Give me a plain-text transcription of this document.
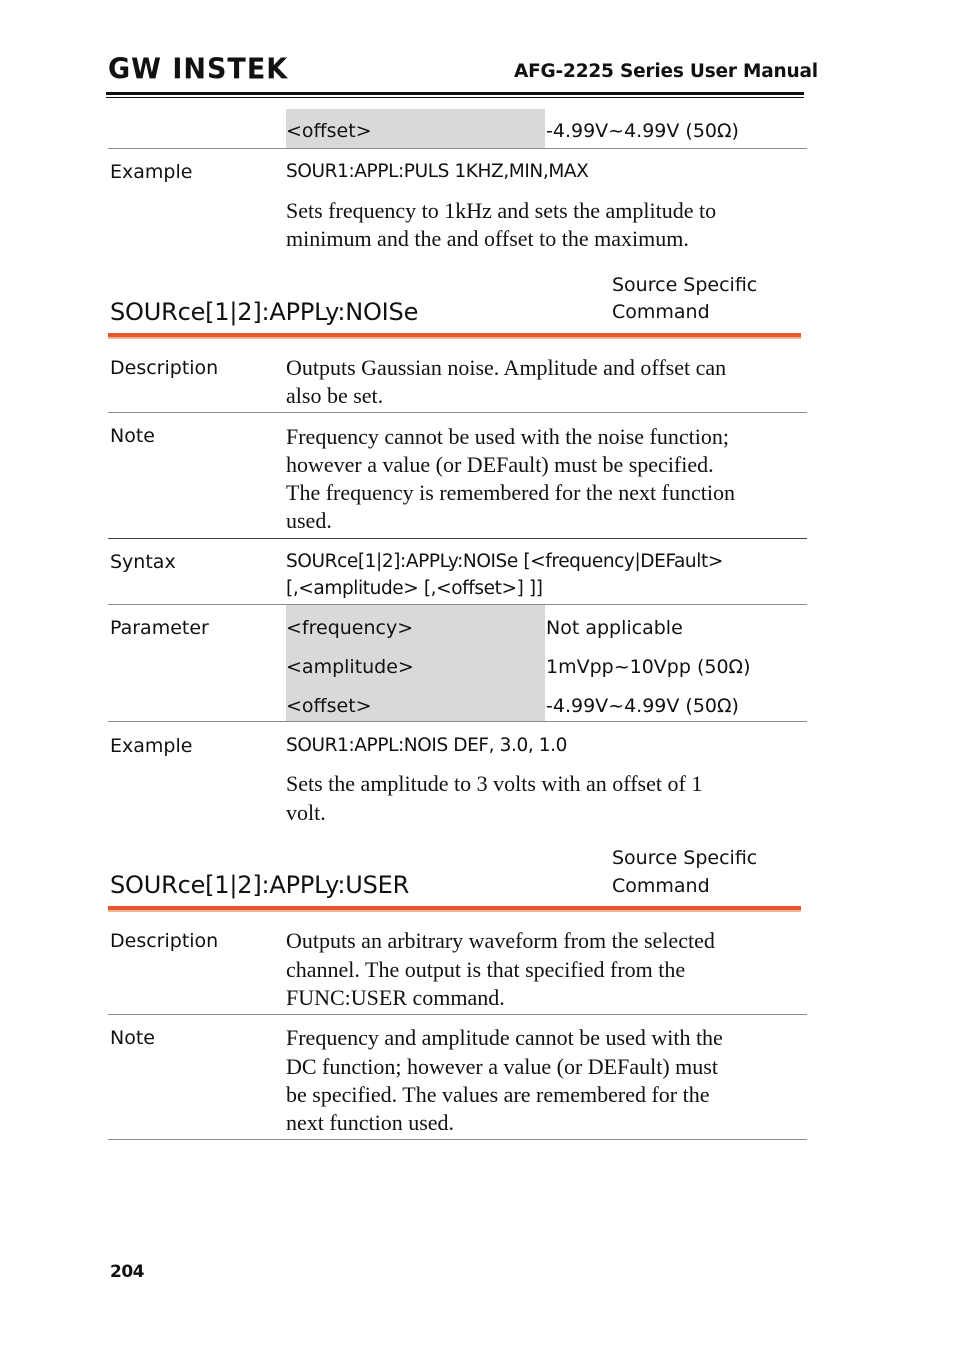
GW INSTEK	AFG-2225 Series User Manual
<offset>	-4.99V~4.99V (50Ω)
Example	SOUR1:APPL:PULS 1KHZ,MIN,MAX
Sets frequency to 1kHz and sets the amplitude to
minimum and the and offset to the maximum.
SOURce[1|2]:APPLy:NOISe
Source Specific
Command
Description	Outputs Gaussian noise. Amplitude and offset can
also be set.
Note	Frequency cannot be used with the noise function;
however a value (or DEFault) must be specified.
The frequency is remembered for the next function
used.
Syntax	SOURce[1|2]:APPLy:NOISe [<frequency|DEFault>
[,<amplitude> [,<offset>] ]]
Parameter	<frequency>	Not applicable
<amplitude>	1mVpp~10Vpp (50Ω)
<offset>	-4.99V~4.99V (50Ω)
Example	SOUR1:APPL:NOIS DEF, 3.0, 1.0
Sets the amplitude to 3 volts with an offset of 1
volt.
SOURce[1|2]:APPLy:USER
Source Specific
Command
Description	Outputs an arbitrary waveform from the selected
channel. The output is that specified from the
FUNC:USER command.
Note	Frequency and amplitude cannot be used with the
DC function; however a value (or DEFault) must
be specified. The values are remembered for the
next function used.
204
